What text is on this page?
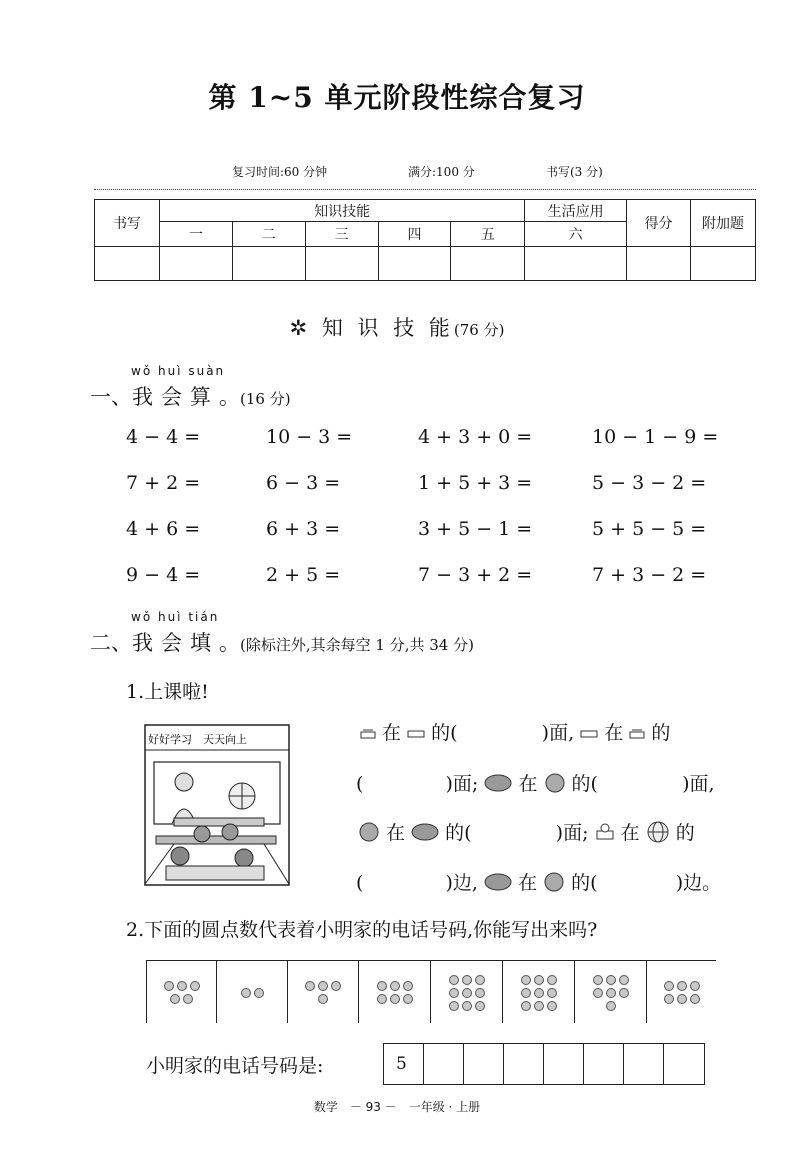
第 1~5 单元阶段性综合复习
复习时间:60 分钟	满分:100 分	书写(3 分)
书写	知识技能					生活应用	得分	附加题
	一	二	三	四	五	六		

✲ 知 识 技 能(76 分)
wǒ huì suàn
一、我会算。(16 分)
4 − 4 =	10 − 3 =	4 + 3 + 0 =	10 − 1 − 9 =
7 + 2 =	6 − 3 =	1 + 5 + 3 =	5 − 3 − 2 =
4 + 6 =	6 + 3 =	3 + 5 − 1 =	5 + 5 − 5 =
9 − 4 =	2 + 5 =	7 − 3 + 2 =	7 + 3 − 2 =
wǒ huì tián
二、我会填。(除标注外,其余每空 1 分,共 34 分)
1.上课啦!
好好学习　天天向上	在 的(	)面, 在 的
(	)面; 在 的(	)面,
在 的(	)面; 在 的
(	)边, 在 的(	)边。
2.下面的圆点数代表着小明家的电话号码,你能写出来吗?
小明家的电话号码是:	5
数学　－ 93 －　一年级 · 上册
